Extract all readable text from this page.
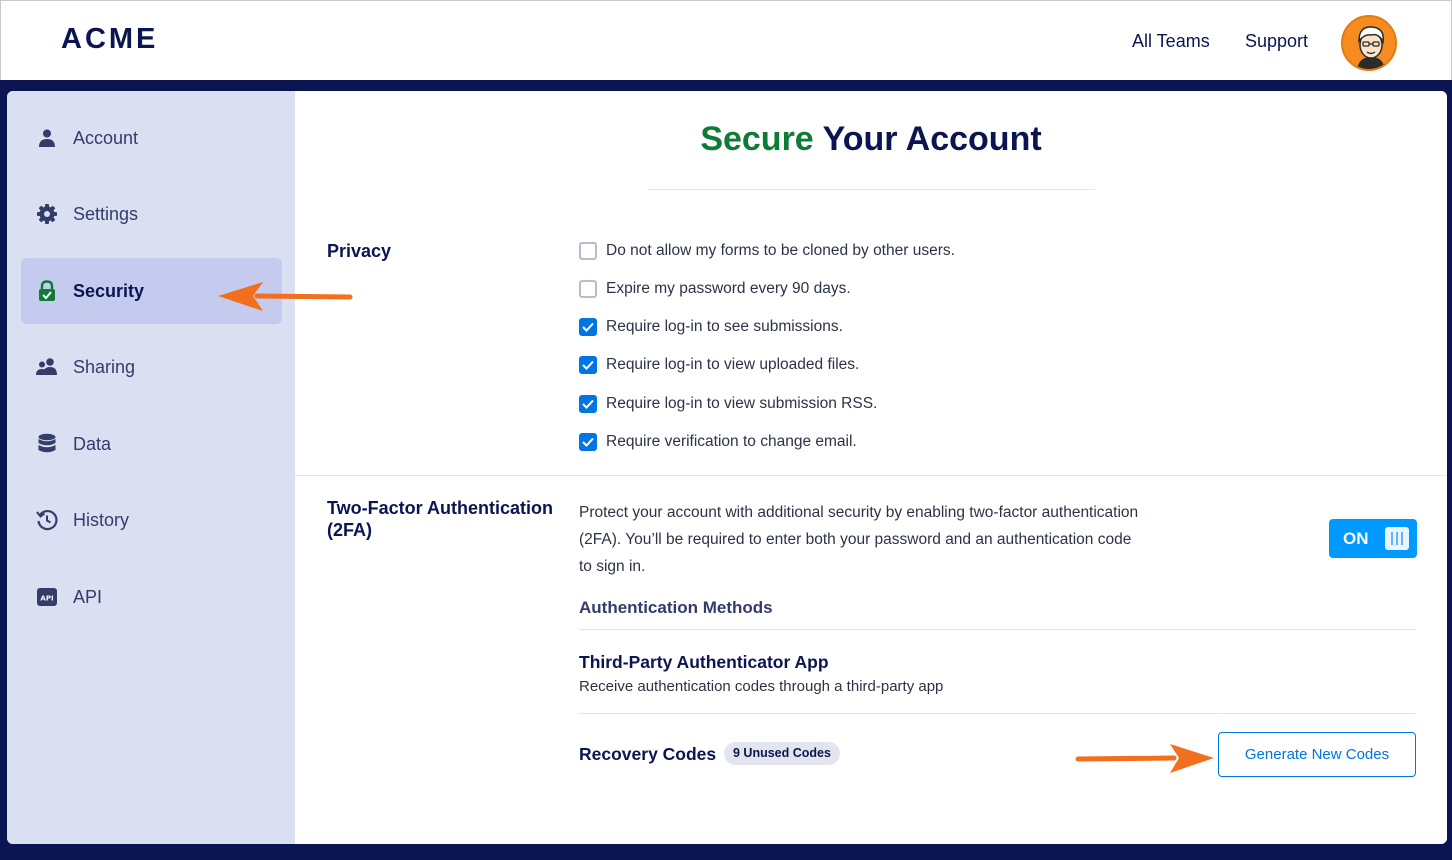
ACME	All Teams Support
Account
Settings
Security
Sharing
Data
History
API API
Secure Your Account
Privacy	Do not allow my forms to be cloned by other users.
Expire my password every 90 days.
Require log-in to see submissions.
Require log-in to view uploaded files.
Require log-in to view submission RSS.
Require verification to change email.
Two-Factor Authentication (2FA)

Protect your account with additional security by enabling two-factor authentication (2FA). You’ll be required to enter both your password and an authentication code to sign in.

ON
Authentication Methods
Third-Party Authenticator App
Receive authentication codes through a third-party app
Recovery Codes	9 Unused Codes	Generate New Codes
